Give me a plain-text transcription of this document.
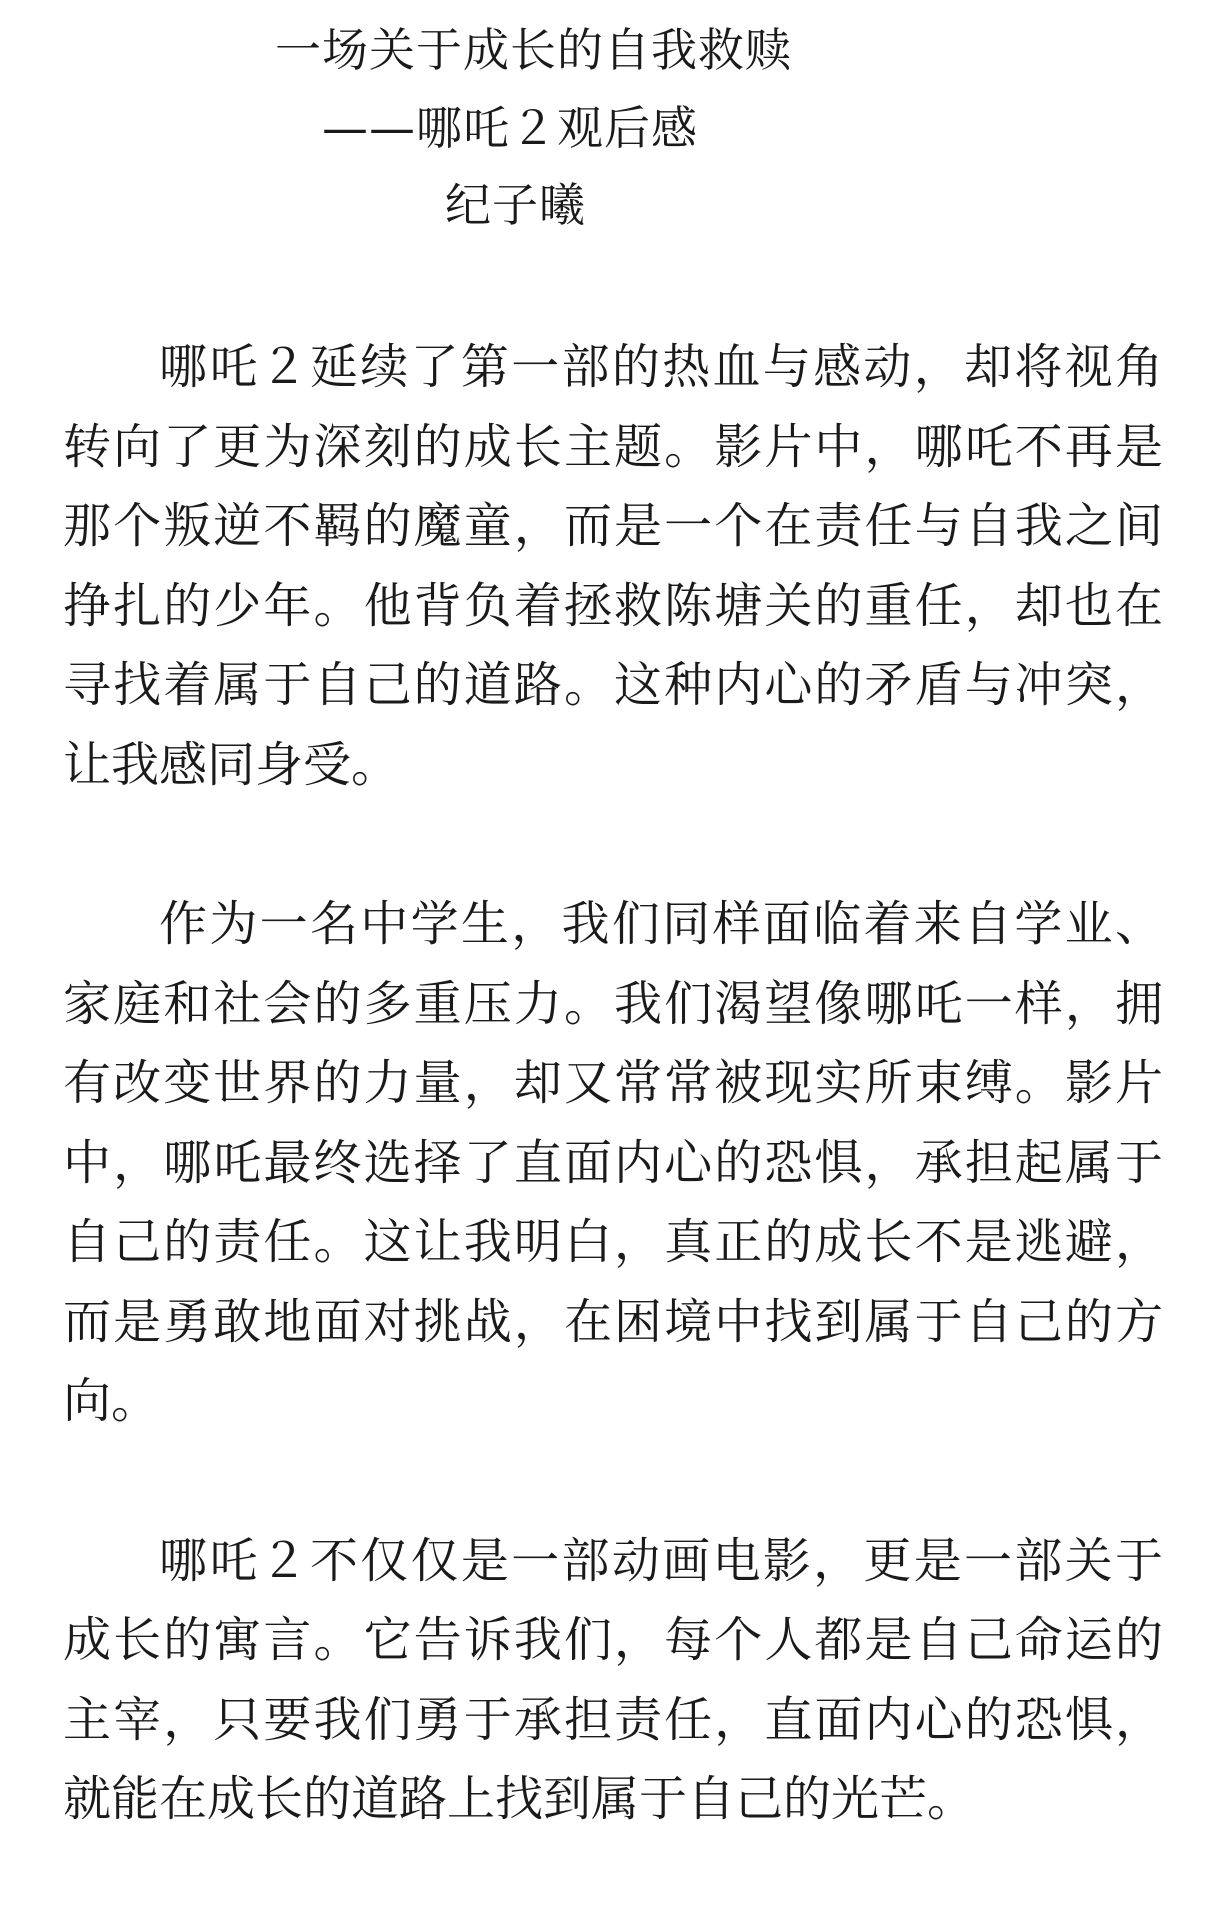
一场关于成长的自我救赎
——哪吒２观后感
纪子曦

哪吒２延续了第一部的热血与感动，却将视角转向了更为深刻的成长主题。影片中，哪吒不再是那个叛逆不羁的魔童，而是一个在责任与自我之间挣扎的少年。他背负着拯救陈塘关的重任，却也在寻找着属于自己的道路。这种内心的矛盾与冲突，让我感同身受。

作为一名中学生，我们同样面临着来自学业、家庭和社会的多重压力。我们渴望像哪吒一样，拥有改变世界的力量，却又常常被现实所束缚。影片中，哪吒最终选择了直面内心的恐惧，承担起属于自己的责任。这让我明白，真正的成长不是逃避，而是勇敢地面对挑战，在困境中找到属于自己的方向。

哪吒２不仅仅是一部动画电影，更是一部关于成长的寓言。它告诉我们，每个人都是自己命运的主宰，只要我们勇于承担责任，直面内心的恐惧，就能在成长的道路上找到属于自己的光芒。
